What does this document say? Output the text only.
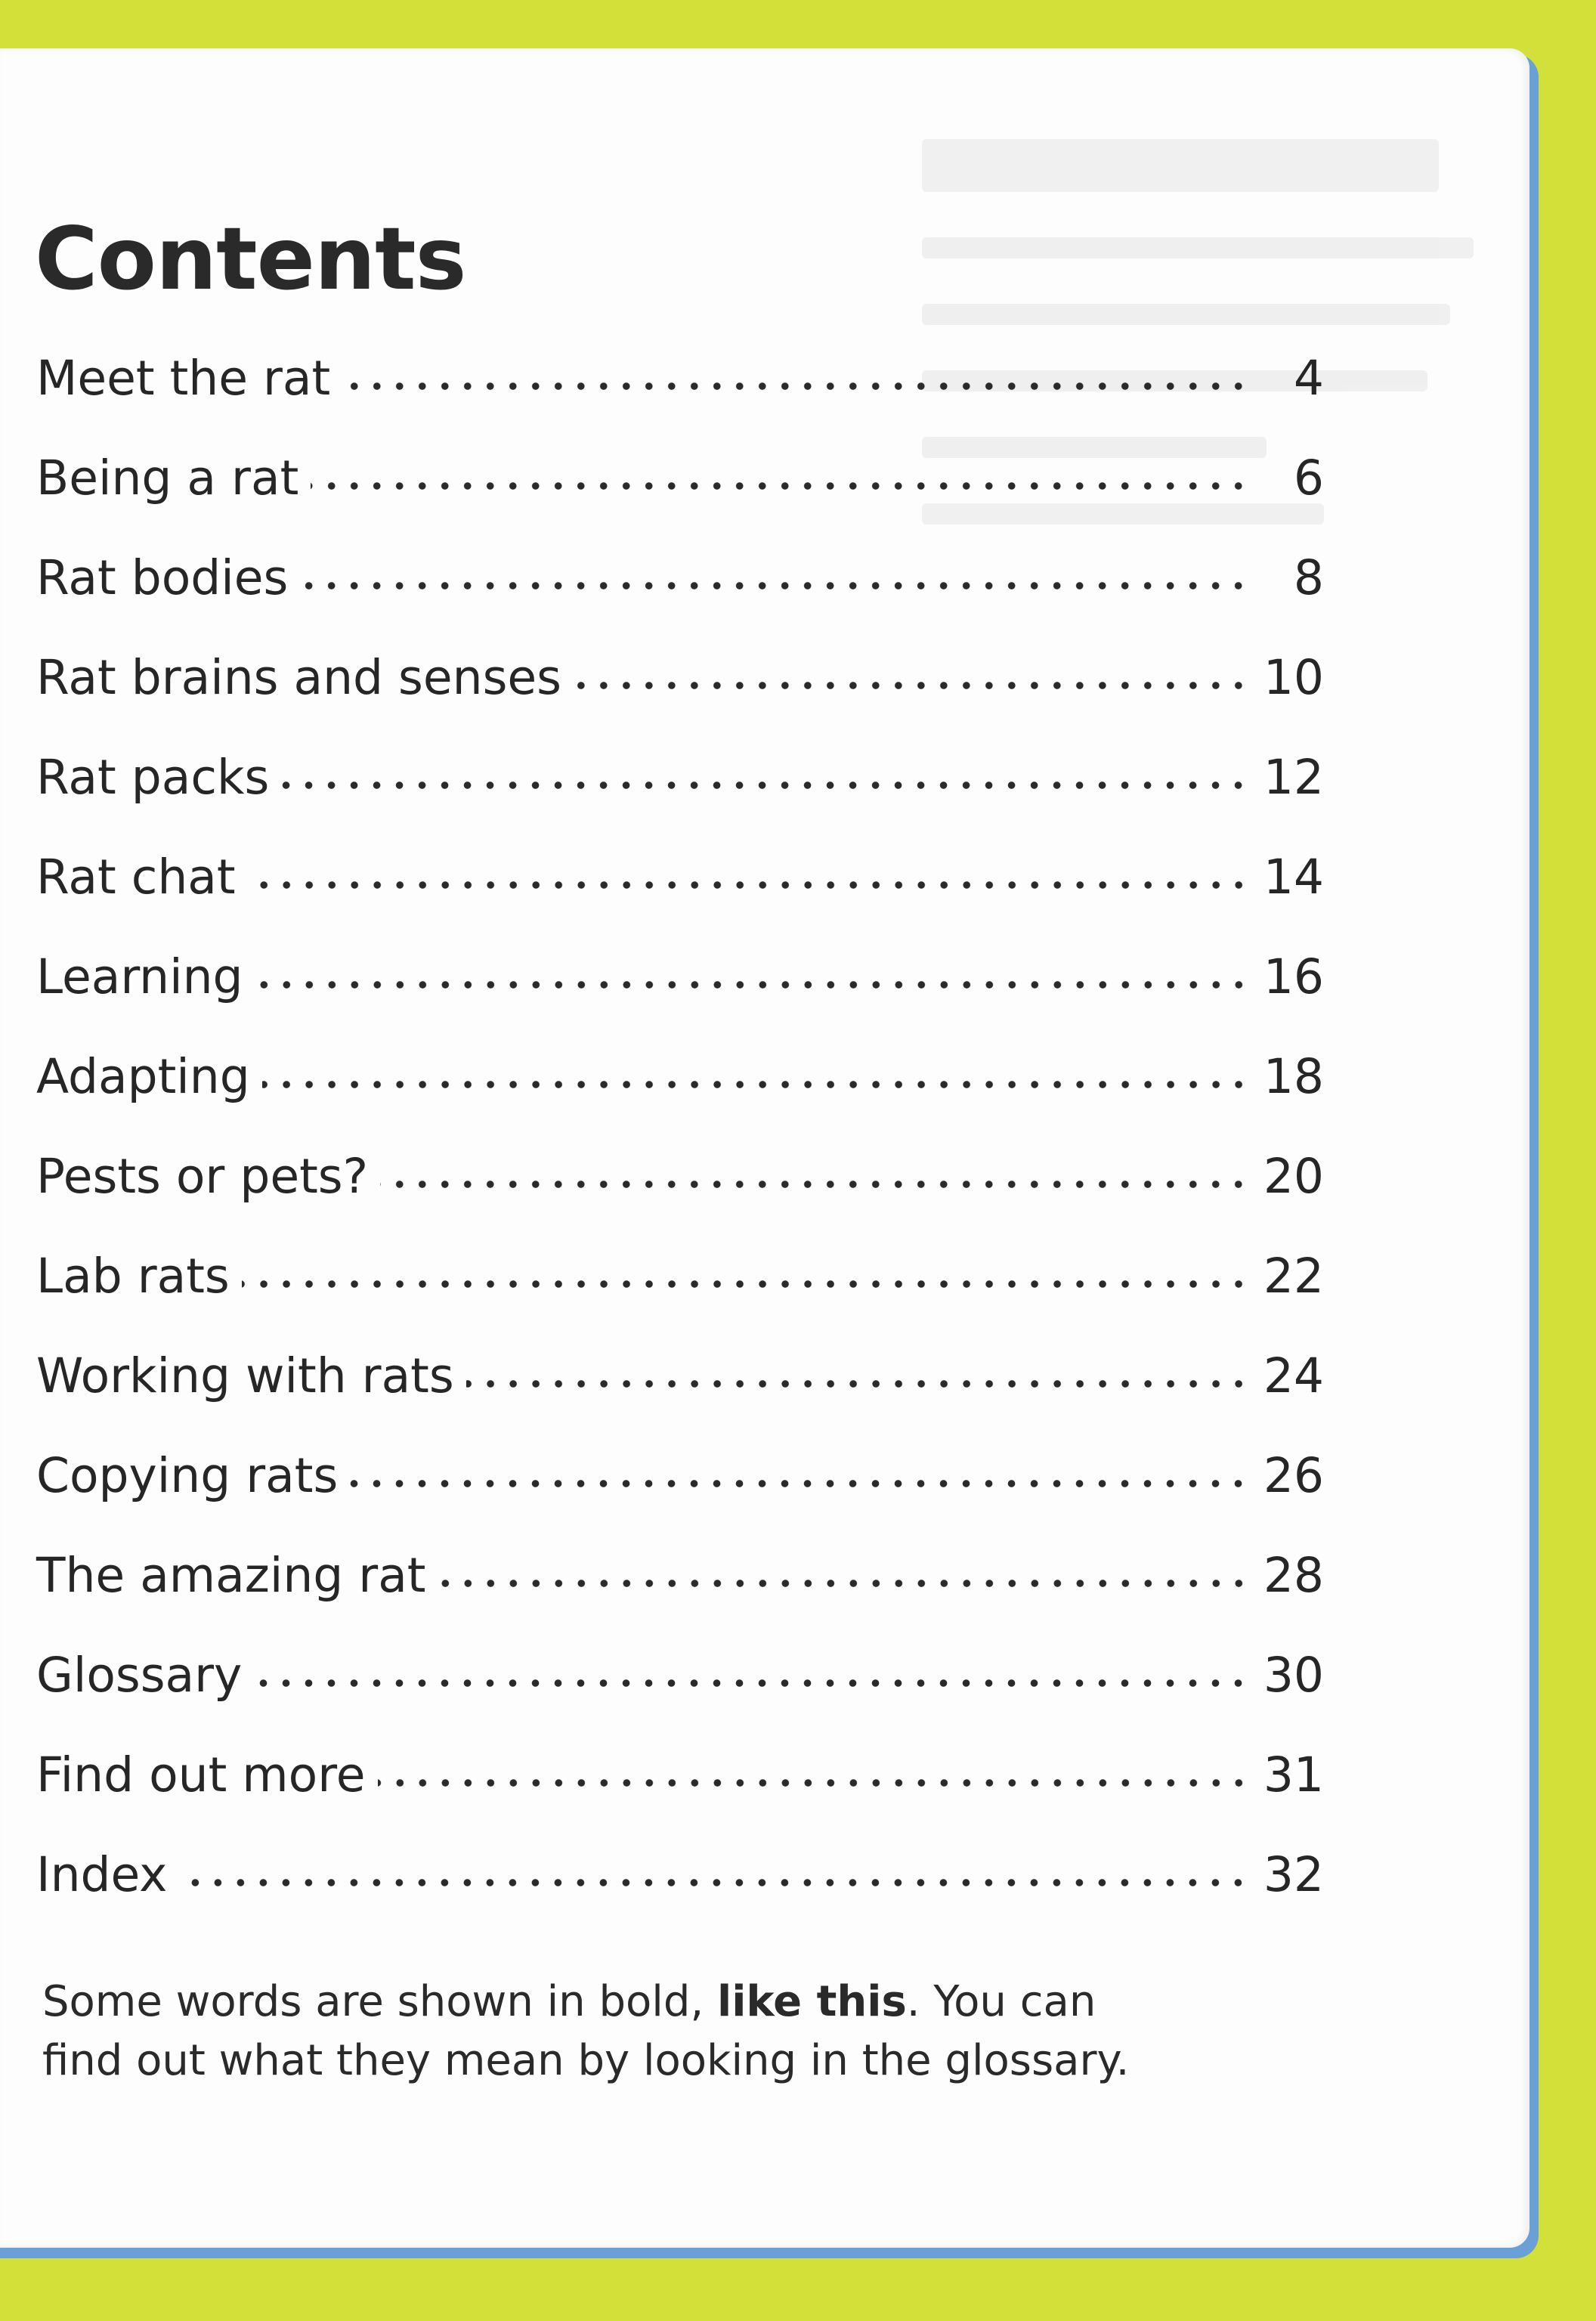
Contents
Meet the rat	4
Being a rat	6
Rat bodies	8
Rat brains and senses	10
Rat packs	12
Rat chat	14
Learning	16
Adapting	18
Pests or pets?	20
Lab rats	22
Working with rats	24
Copying rats	26
The amazing rat	28
Glossary	30
Find out more	31
Index	32

Some words are shown in bold, like this. You can find out what they mean by looking in the glossary.
